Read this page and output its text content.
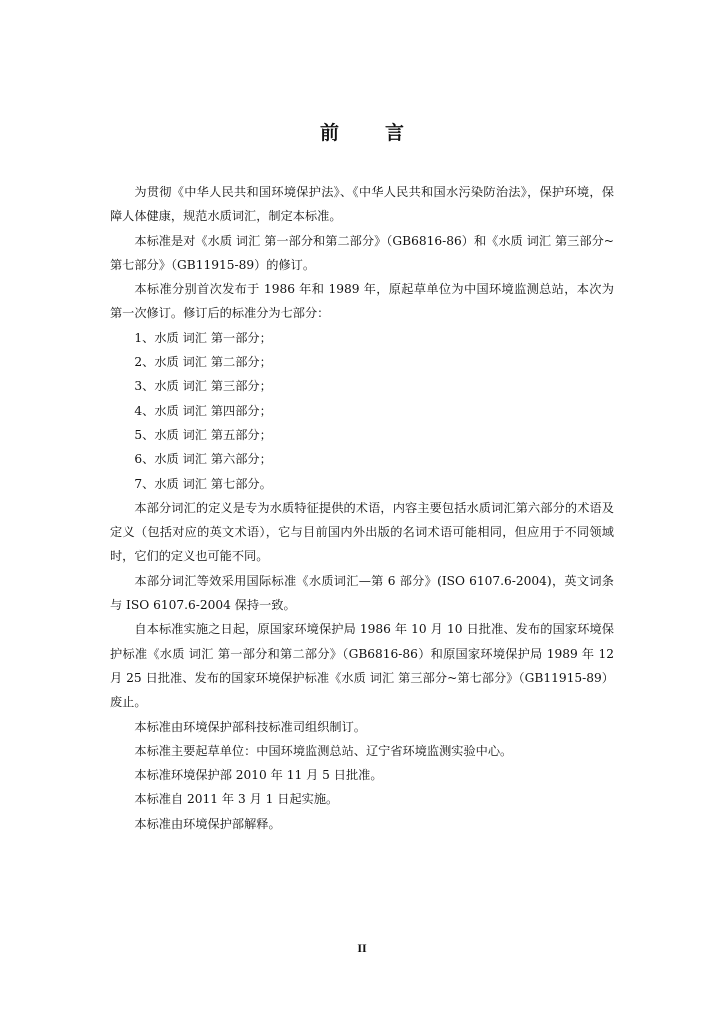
前 言

为贯彻《中华人民共和国环境保护法》、《中华人民共和国水污染防治法》，保护环境，保障人体健康，规范水质词汇，制定本标准。

本标准是对《水质 词汇 第一部分和第二部分》（GB6816-86）和《水质 词汇 第三部分~第七部分》（GB11915-89）的修订。

本标准分别首次发布于 1986 年和 1989 年，原起草单位为中国环境监测总站，本次为第一次修订。修订后的标准分为七部分：

1、水质 词汇 第一部分；

2、水质 词汇 第二部分；

3、水质 词汇 第三部分；

4、水质 词汇 第四部分；

5、水质 词汇 第五部分；

6、水质 词汇 第六部分；

7、水质 词汇 第七部分。

本部分词汇的定义是专为水质特征提供的术语，内容主要包括水质词汇第六部分的术语及定义（包括对应的英文术语），它与目前国内外出版的名词术语可能相同，但应用于不同领域时，它们的定义也可能不同。

本部分词汇等效采用国际标准《水质词汇—第 6 部分》(ISO 6107.6-2004)，英文词条与 ISO 6107.6-2004 保持一致。

自本标准实施之日起，原国家环境保护局 1986 年 10 月 10 日批准、发布的国家环境保护标准《水质 词汇 第一部分和第二部分》（GB6816-86）和原国家环境保护局 1989 年 12 月 25 日批准、发布的国家环境保护标准《水质 词汇 第三部分~第七部分》（GB11915-89）废止。

本标准由环境保护部科技标准司组织制订。

本标准主要起草单位：中国环境监测总站、辽宁省环境监测实验中心。

本标准环境保护部 2010 年 11 月 5 日批准。

本标准自 2011 年 3 月 1 日起实施。

本标准由环境保护部解释。

II
